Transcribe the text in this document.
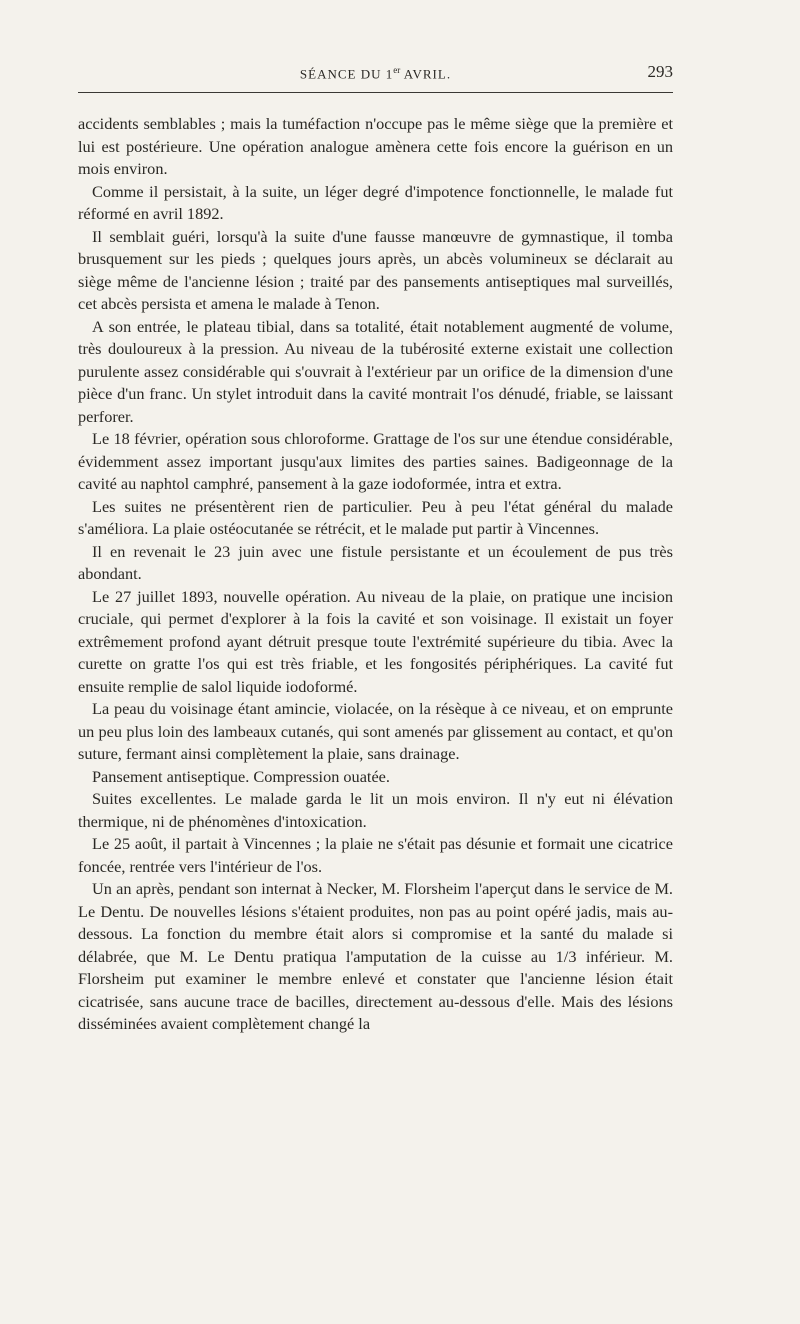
SÉANCE DU 1er AVRIL.	293

accidents semblables ; mais la tuméfaction n'occupe pas le même siège que la première et lui est postérieure. Une opération analogue amènera cette fois encore la guérison en un mois environ.

Comme il persistait, à la suite, un léger degré d'impotence fonctionnelle, le malade fut réformé en avril 1892.

Il semblait guéri, lorsqu'à la suite d'une fausse manœuvre de gymnastique, il tomba brusquement sur les pieds ; quelques jours après, un abcès volumineux se déclarait au siège même de l'ancienne lésion ; traité par des pansements antiseptiques mal surveillés, cet abcès persista et amena le malade à Tenon.

A son entrée, le plateau tibial, dans sa totalité, était notablement augmenté de volume, très douloureux à la pression. Au niveau de la tubérosité externe existait une collection purulente assez considérable qui s'ouvrait à l'extérieur par un orifice de la dimension d'une pièce d'un franc. Un stylet introduit dans la cavité montrait l'os dénudé, friable, se laissant perforer.

Le 18 février, opération sous chloroforme. Grattage de l'os sur une étendue considérable, évidemment assez important jusqu'aux limites des parties saines. Badigeonnage de la cavité au naphtol camphré, pansement à la gaze iodoformée, intra et extra.

Les suites ne présentèrent rien de particulier. Peu à peu l'état général du malade s'améliora. La plaie ostéocutanée se rétrécit, et le malade put partir à Vincennes.

Il en revenait le 23 juin avec une fistule persistante et un écoulement de pus très abondant.

Le 27 juillet 1893, nouvelle opération. Au niveau de la plaie, on pratique une incision cruciale, qui permet d'explorer à la fois la cavité et son voisinage. Il existait un foyer extrêmement profond ayant détruit presque toute l'extrémité supérieure du tibia. Avec la curette on gratte l'os qui est très friable, et les fongosités périphériques. La cavité fut ensuite remplie de salol liquide iodoformé.

La peau du voisinage étant amincie, violacée, on la résèque à ce niveau, et on emprunte un peu plus loin des lambeaux cutanés, qui sont amenés par glissement au contact, et qu'on suture, fermant ainsi complètement la plaie, sans drainage.

Pansement antiseptique. Compression ouatée.

Suites excellentes. Le malade garda le lit un mois environ. Il n'y eut ni élévation thermique, ni de phénomènes d'intoxication.

Le 25 août, il partait à Vincennes ; la plaie ne s'était pas désunie et formait une cicatrice foncée, rentrée vers l'intérieur de l'os.

Un an après, pendant son internat à Necker, M. Florsheim l'aperçut dans le service de M. Le Dentu. De nouvelles lésions s'étaient produites, non pas au point opéré jadis, mais au-dessous. La fonction du membre était alors si compromise et la santé du malade si délabrée, que M. Le Dentu pratiqua l'amputation de la cuisse au 1/3 inférieur. M. Florsheim put examiner le membre enlevé et constater que l'ancienne lésion était cicatrisée, sans aucune trace de bacilles, directement au-dessous d'elle. Mais des lésions disséminées avaient complètement changé la
